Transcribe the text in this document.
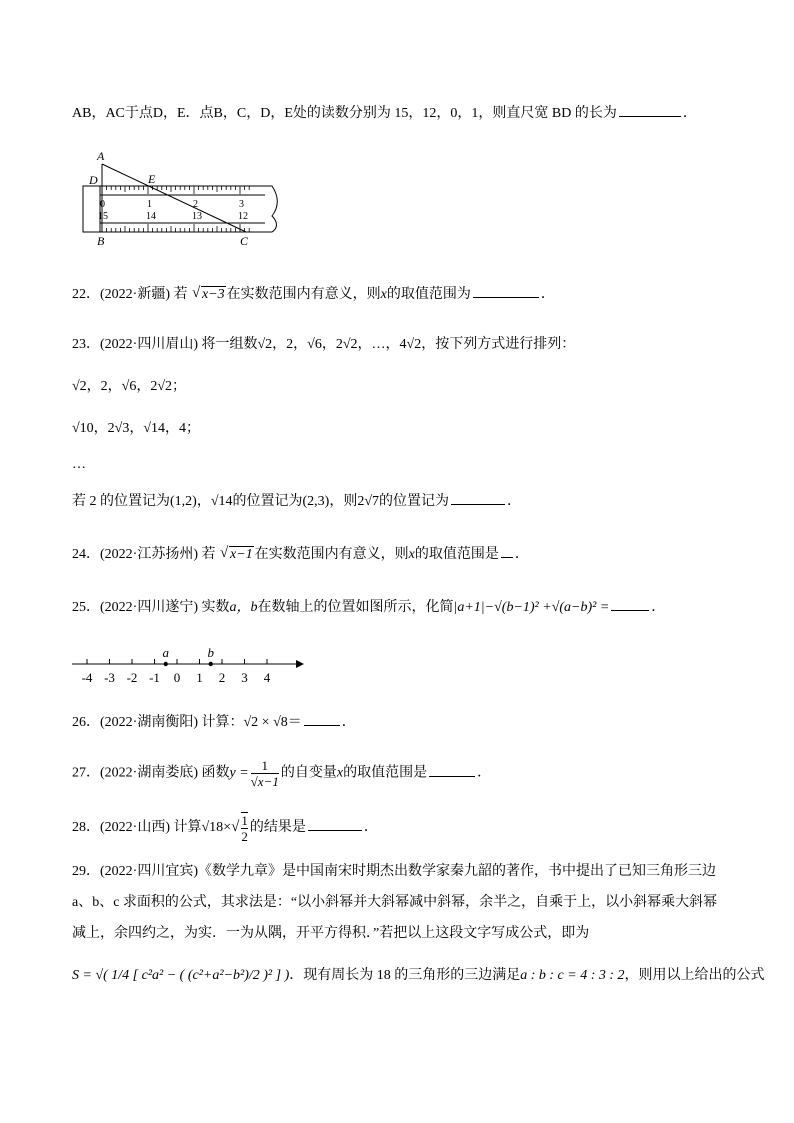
AB，AC于点D，E．点B，C，D，E处的读数分别为 15，12，0，1，则直尺宽 BD 的长为	．
A
D	E
B	C
0	1	2	3
15	14	13	12
22．(2022·新疆) 若 √ x−3 在实数范围内有意义，则x的取值范围为	．
23．(2022·四川眉山) 将一组数√2，2，√6，2√2，…，4√2，按下列方式进行排列：
√2，2，√6，2√2；
√10，2√3，√14，4；
…
若 2 的位置记为(1,2)，√14的位置记为(2,3)，则2√7的位置记为	．
24．(2022·江苏扬州) 若 √ x−1 在实数范围内有意义，则x的取值范围是 ．
25．(2022·四川遂宁) 实数a，b在数轴上的位置如图所示，化简|a+1|−√(b−1)² +√(a−b)² =	．
-4 -3 -2 -1 0 1 2 3 4
a	b
26．(2022·湖南衡阳) 计算：√2 × √8＝	．
27．(2022·湖南娄底) 函数$y = \frac{1}{√x-1}$ 的自变量x的取值范围是	．
28．(2022·山西) 计算$√18\times√ \frac{1}{2}$ 的结果是	．
29．(2022·四川宜宾)《数学九章》是中国南宋时期杰出数学家秦九韶的著作，书中提出了已知三角形三边
a、b、c 求面积的公式，其求法是：“以小斜幂并大斜幂减中斜幂，余半之，自乘于上，以小斜幂乘大斜幂
减上，余四约之，为实．一为从隅，开平方得积．”若把以上这段文字写成公式，即为
S = √( 1/4 [ c²a² − ( (c²+a²−b²)/2 )² ] )．现有周长为 18 的三角形的三边满足a : b : c = 4 : 3 : 2，则用以上给出的公式
